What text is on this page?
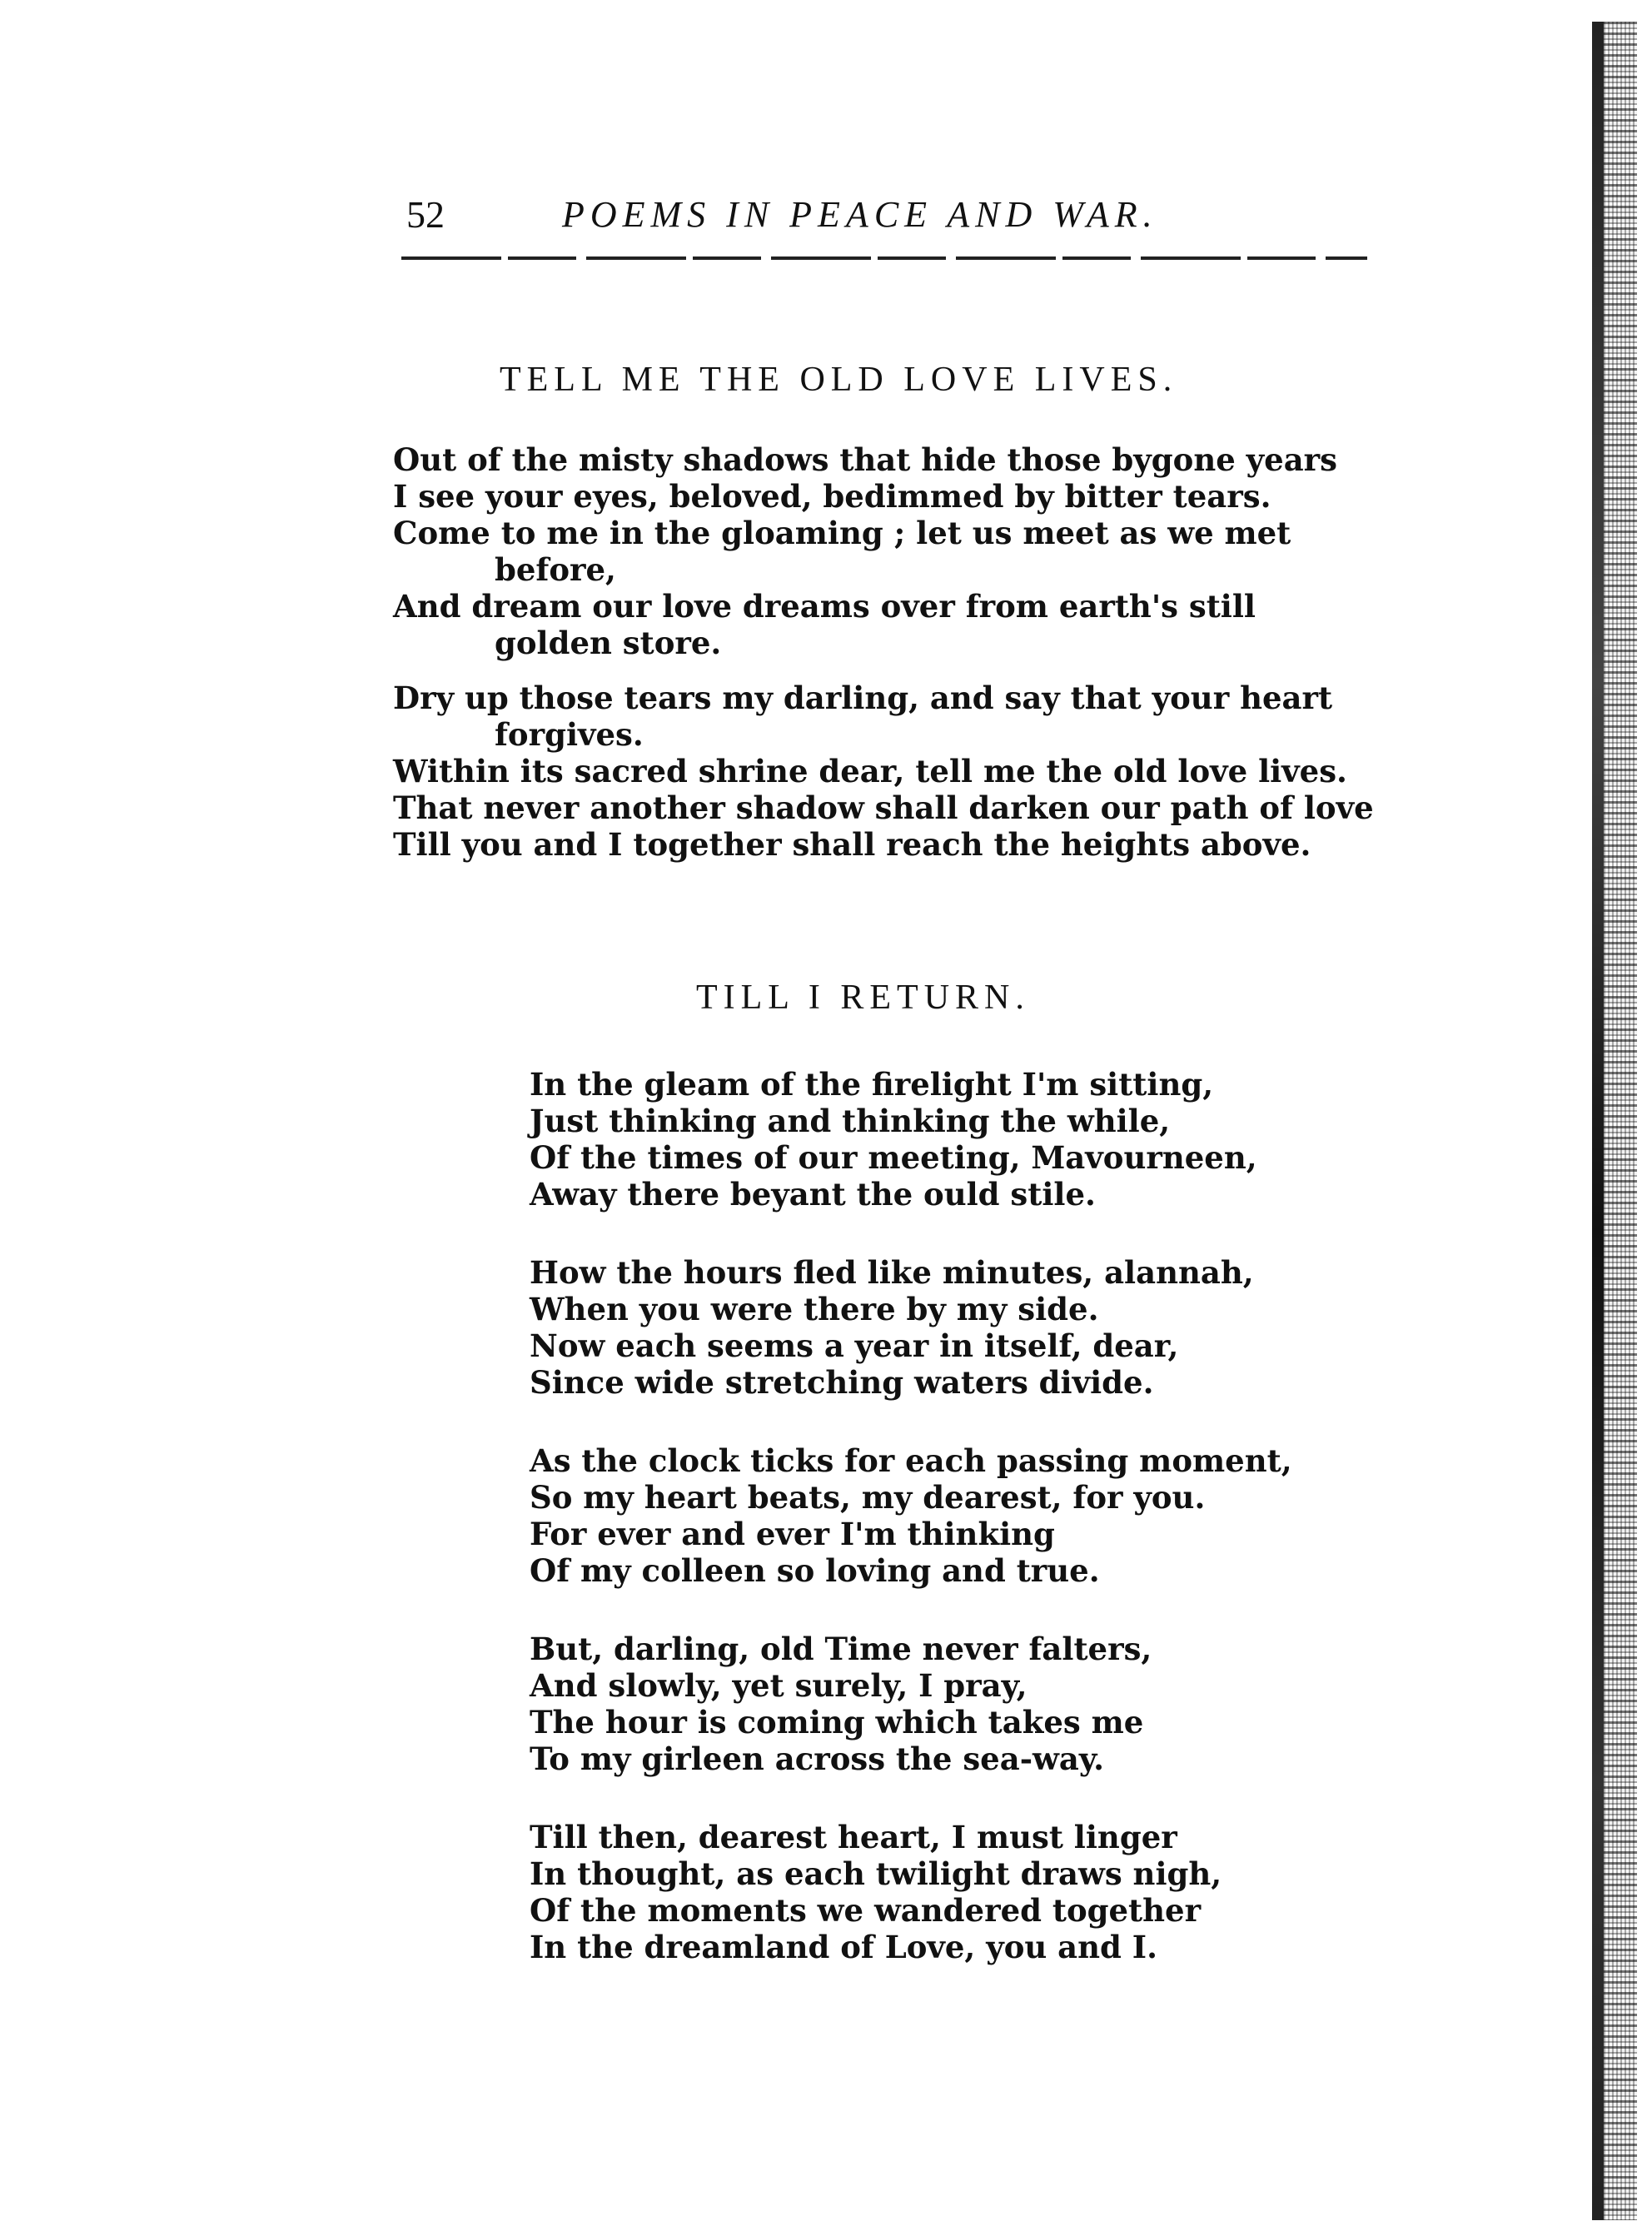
52	POEMS IN PEACE AND WAR.
TELL ME THE OLD LOVE LIVES.
Out of the misty shadows that hide those bygone years
I see your eyes, beloved, bedimmed by bitter tears.
Come to me in the gloaming ; let us meet as we met
before,
And dream our love dreams over from earth's still
golden store.
Dry up those tears my darling, and say that your heart
forgives.
Within its sacred shrine dear, tell me the old love lives.
That never another shadow shall darken our path of love
Till you and I together shall reach the heights above.
TILL I RETURN.
In the gleam of the firelight I'm sitting,
Just thinking and thinking the while,
Of the times of our meeting, Mavourneen,
Away there beyant the ould stile.
How the hours fled like minutes, alannah,
When you were there by my side.
Now each seems a year in itself, dear,
Since wide stretching waters divide.
As the clock ticks for each passing moment,
So my heart beats, my dearest, for you.
For ever and ever I'm thinking
Of my colleen so loving and true.
But, darling, old Time never falters,
And slowly, yet surely, I pray,
The hour is coming which takes me
To my girleen across the sea-way.
Till then, dearest heart, I must linger
In thought, as each twilight draws nigh,
Of the moments we wandered together
In the dreamland of Love, you and I.
